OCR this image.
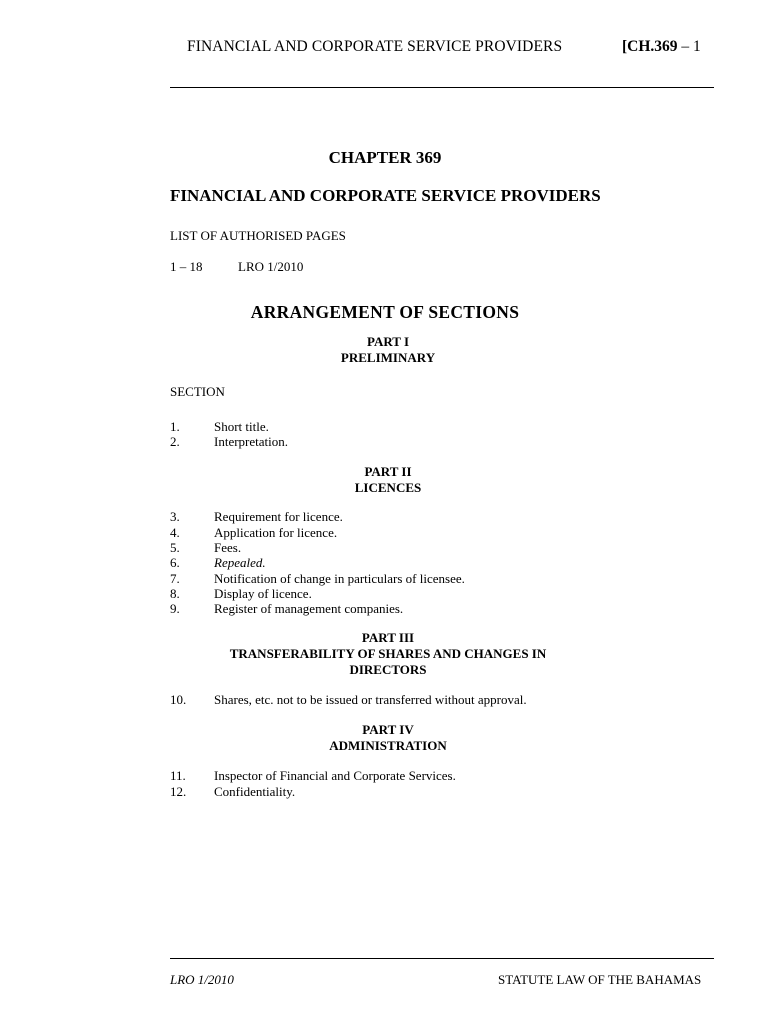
FINANCIAL AND CORPORATE SERVICE PROVIDERS	[CH.369 – 1
CHAPTER 369
FINANCIAL AND CORPORATE SERVICE PROVIDERS
LIST OF AUTHORISED PAGES
1 – 18	LRO 1/2010
ARRANGEMENT OF SECTIONS
PART I
PRELIMINARY
SECTION
1.	Short title.
2.	Interpretation.
PART II
LICENCES
3.	Requirement for licence.
4.	Application for licence.
5.	Fees.
6.	Repealed.
7.	Notification of change in particulars of licensee.
8.	Display of licence.
9.	Register of management companies.
PART III
TRANSFERABILITY OF SHARES AND CHANGES IN
DIRECTORS
10. Shares, etc. not to be issued or transferred without approval.
PART IV
ADMINISTRATION
11. Inspector of Financial and Corporate Services.
12. Confidentiality.
LRO 1/2010	STATUTE LAW OF THE BAHAMAS
